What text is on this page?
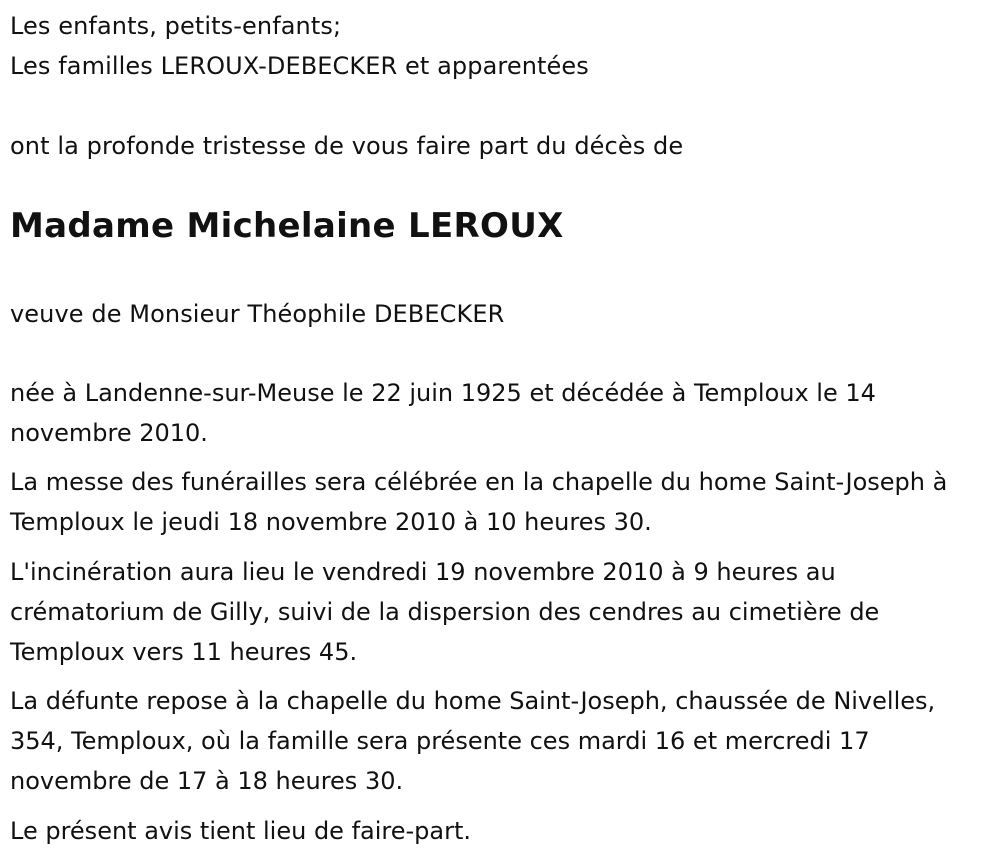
Les enfants, petits-enfants;
Les familles LEROUX-DEBECKER et apparentées
ont la profonde tristesse de vous faire part du décès de
Madame Michelaine LEROUX
veuve de Monsieur Théophile DEBECKER
née à Landenne-sur-Meuse le 22 juin 1925 et décédée à Temploux le 14 novembre 2010.
La messe des funérailles sera célébrée en la chapelle du home Saint-Joseph à Temploux le jeudi 18 novembre 2010 à 10 heures 30.
L'incinération aura lieu le vendredi 19 novembre 2010 à 9 heures au crématorium de Gilly, suivi de la dispersion des cendres au cimetière de Temploux vers 11 heures 45.
La défunte repose à la chapelle du home Saint-Joseph, chaussée de Nivelles, 354, Temploux, où la famille sera présente ces mardi 16 et mercredi 17 novembre de 17 à 18 heures 30.
Le présent avis tient lieu de faire-part.
